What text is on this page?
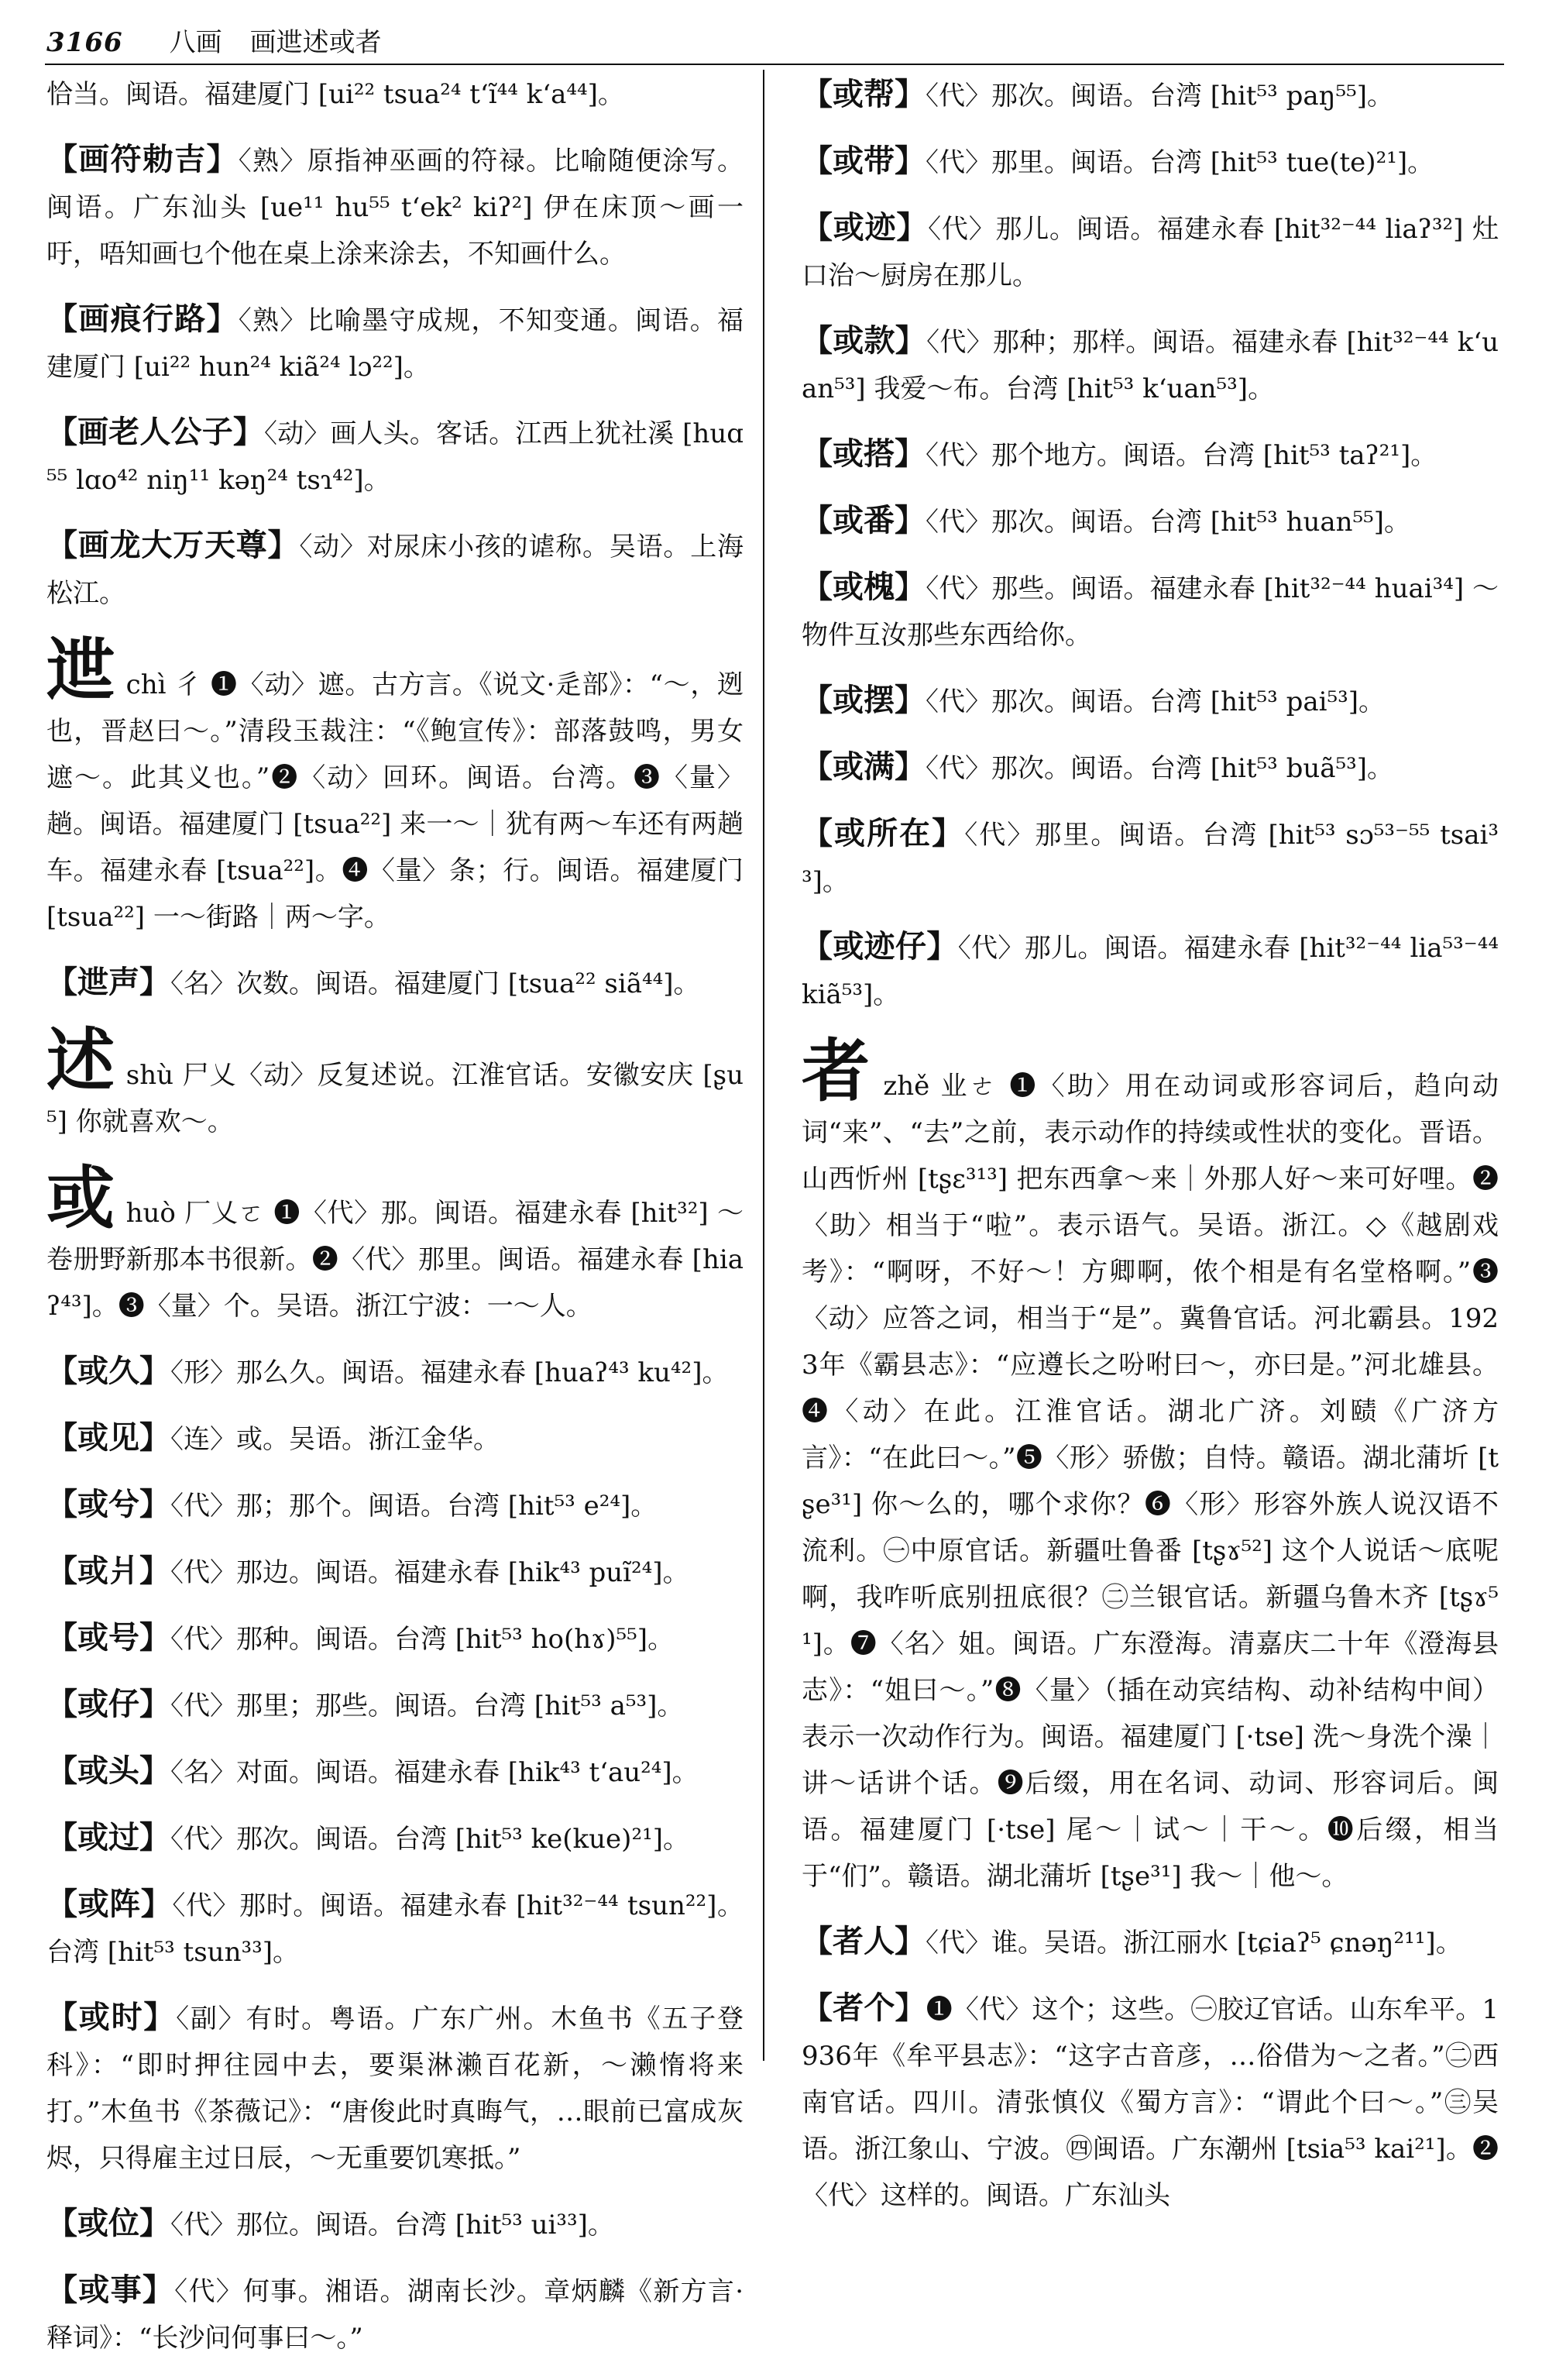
3166 八画 画迣述或者

恰当。闽语。福建厦门 [ui²² tsua²⁴ tʻĩ⁴⁴ kʻa⁴⁴]。

【画符勅吉】〈熟〉原指神巫画的符禄。比喻随便涂写。闽语。广东汕头 [ue¹¹ hu⁵⁵ tʻek² kiʔ²] 伊在床顶～画一吁，唔知画乜个他在桌上涂来涂去，不知画什么。

【画痕行路】〈熟〉比喻墨守成规，不知变通。闽语。福建厦门 [ui²² hun²⁴ kiã²⁴ lɔ²²]。

【画老人公子】〈动〉画人头。客话。江西上犹社溪 [huɑ⁵⁵ lɑo⁴² niŋ¹¹ kəŋ²⁴ tsɿ⁴²]。

【画龙大万天尊】〈动〉对尿床小孩的谑称。吴语。上海松江。

迣chì 彳 ❶〈动〉遮。古方言。《说文·辵部》：“～，迾也，晋赵曰～。”清段玉裁注：“《鲍宣传》：部落鼓鸣，男女遮～。此其义也。”❷〈动〉回环。闽语。台湾。❸〈量〉趟。闽语。福建厦门 [tsua²²] 来一～｜犹有两～车还有两趟车。福建永春 [tsua²²]。❹〈量〉条；行。闽语。福建厦门 [tsua²²] 一～街路｜两～字。

【迣声】〈名〉次数。闽语。福建厦门 [tsua²² siã⁴⁴]。

述shù 尸乂〈动〉反复述说。江淮官话。安徽安庆 [ʂu⁵] 你就喜欢～。

或huò 厂乂ㄛ ❶〈代〉那。闽语。福建永春 [hit³²] ～卷册野新那本书很新。❷〈代〉那里。闽语。福建永春 [hiaʔ⁴³]。❸〈量〉个。吴语。浙江宁波：一～人。

【或久】〈形〉那么久。闽语。福建永春 [huaʔ⁴³ ku⁴²]。

【或见】〈连〉或。吴语。浙江金华。

【或兮】〈代〉那；那个。闽语。台湾 [hit⁵³ e²⁴]。

【或爿】〈代〉那边。闽语。福建永春 [hik⁴³ puĩ²⁴]。

【或号】〈代〉那种。闽语。台湾 [hit⁵³ ho(hɤ)⁵⁵]。

【或仔】〈代〉那里；那些。闽语。台湾 [hit⁵³ a⁵³]。

【或头】〈名〉对面。闽语。福建永春 [hik⁴³ tʻau²⁴]。

【或过】〈代〉那次。闽语。台湾 [hit⁵³ ke(kue)²¹]。

【或阵】〈代〉那时。闽语。福建永春 [hit³²⁻⁴⁴ tsun²²]。台湾 [hit⁵³ tsun³³]。

【或时】〈副〉有时。粤语。广东广州。木鱼书《五子登科》：“即时押往园中去，要渠淋濑百花新，～濑惰将来打。”木鱼书《茶薇记》：“唐俊此时真晦气，…眼前已富成灰烬，只得雇主过日辰，～无重要饥寒抵。”

【或位】〈代〉那位。闽语。台湾 [hit⁵³ ui³³]。

【或事】〈代〉何事。湘语。湖南长沙。章炳麟《新方言·释词》：“长沙问何事曰～。”

【或帮】〈代〉那次。闽语。台湾 [hit⁵³ paŋ⁵⁵]。

【或带】〈代〉那里。闽语。台湾 [hit⁵³ tue(te)²¹]。

【或迹】〈代〉那儿。闽语。福建永春 [hit³²⁻⁴⁴ liaʔ³²] 灶口治～厨房在那儿。

【或款】〈代〉那种；那样。闽语。福建永春 [hit³²⁻⁴⁴ kʻuan⁵³] 我爱～布。台湾 [hit⁵³ kʻuan⁵³]。

【或搭】〈代〉那个地方。闽语。台湾 [hit⁵³ taʔ²¹]。

【或番】〈代〉那次。闽语。台湾 [hit⁵³ huan⁵⁵]。

【或槐】〈代〉那些。闽语。福建永春 [hit³²⁻⁴⁴ huai³⁴] ～物件互汝那些东西给你。

【或摆】〈代〉那次。闽语。台湾 [hit⁵³ pai⁵³]。

【或满】〈代〉那次。闽语。台湾 [hit⁵³ buã⁵³]。

【或所在】〈代〉那里。闽语。台湾 [hit⁵³ sɔ⁵³⁻⁵⁵ tsai³³]。

【或迹仔】〈代〉那儿。闽语。福建永春 [hit³²⁻⁴⁴ lia⁵³⁻⁴⁴ kiã⁵³]。

者zhě 业ㄜ ❶〈助〉用在动词或形容词后，趋向动词“来”、“去”之前，表示动作的持续或性状的变化。晋语。山西忻州 [tʂɛ³¹³] 把东西拿～来｜外那人好～来可好哩。❷〈助〉相当于“啦”。表示语气。吴语。浙江。◇《越剧戏考》：“啊呀，不好～！方卿啊，侬个相是有名堂格啊。”❸〈动〉应答之词，相当于“是”。冀鲁官话。河北霸县。1923年《霸县志》：“应遵长之吩咐曰～，亦曰是。”河北雄县。❹〈动〉在此。江淮官话。湖北广济。刘赜《广济方言》：“在此曰～。”❺〈形〉骄傲；自恃。赣语。湖北蒲圻 [tʂe³¹] 你～么的，哪个求你？❻〈形〉形容外族人说汉语不流利。㊀中原官话。新疆吐鲁番 [tʂɤ⁵²] 这个人说话～底呢啊，我咋听底别扭底很？㊁兰银官话。新疆乌鲁木齐 [tʂɤ⁵¹]。❼〈名〉姐。闽语。广东澄海。清嘉庆二十年《澄海县志》：“姐曰～。”❽〈量〉（插在动宾结构、动补结构中间）表示一次动作行为。闽语。福建厦门 [·tse] 洗～身洗个澡｜讲～话讲个话。❾后缀，用在名词、动词、形容词后。闽语。福建厦门 [·tse] 尾～｜试～｜干～。❿后缀，相当于“们”。赣语。湖北蒲圻 [tʂe³¹] 我～｜他～。

【者人】〈代〉谁。吴语。浙江丽水 [tɕiaʔ⁵ ɕnəŋ²¹¹]。

【者个】❶〈代〉这个；这些。㊀胶辽官话。山东牟平。1936年《牟平县志》：“这字古音彦，…俗借为～之者。”㊁西南官话。四川。清张慎仪《蜀方言》：“谓此个曰～。”㊂吴语。浙江象山、宁波。㊃闽语。广东潮州 [tsia⁵³ kai²¹]。❷〈代〉这样的。闽语。广东汕头
